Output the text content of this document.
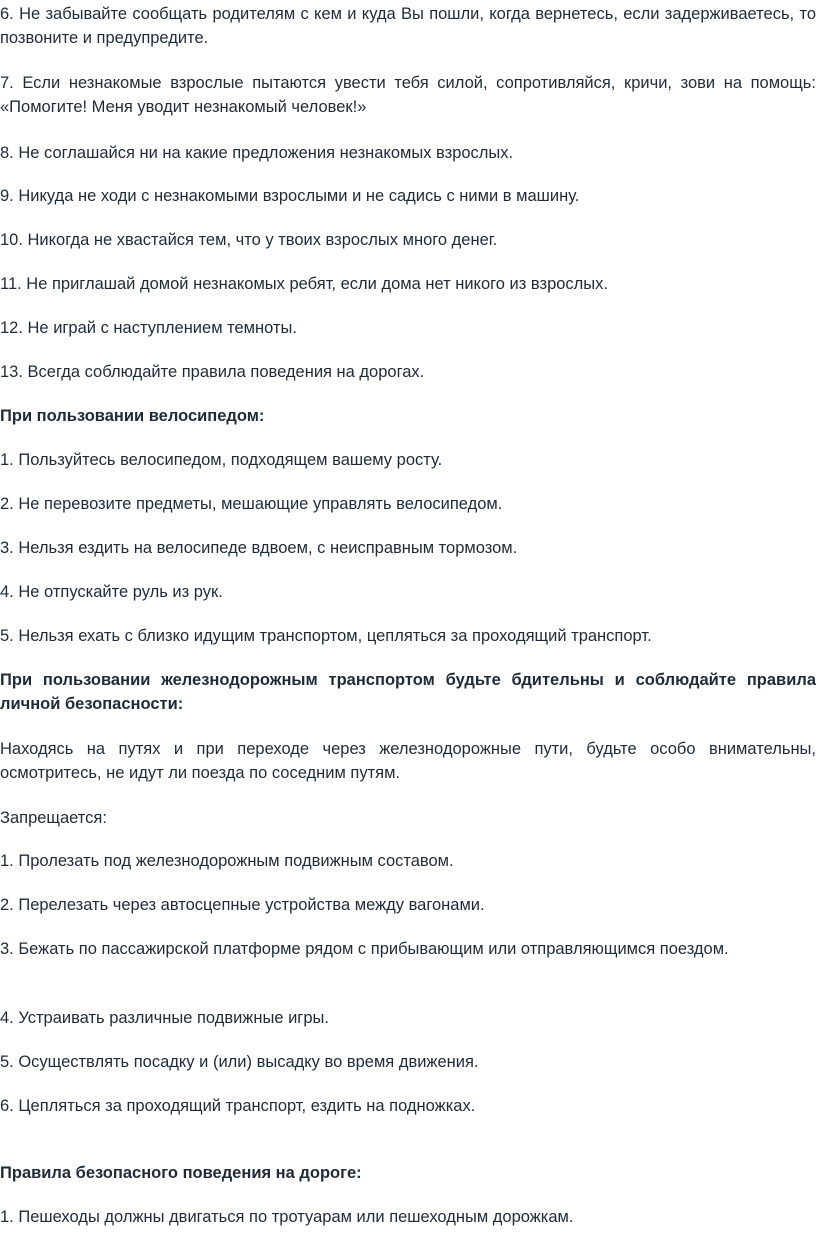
6. Не забывайте сообщать родителям с кем и куда Вы пошли, когда вернетесь, если задерживаетесь, то позвоните и предупредите.

7. Если незнакомые взрослые пытаются увести тебя силой, сопротивляйся, кричи, зови на помощь: «Помогите! Меня уводит незнакомый человек!»

8. Не соглашайся ни на какие предложения незнакомых взрослых.

9. Никуда не ходи с незнакомыми взрослыми и не садись с ними в машину.

10. Никогда не хвастайся тем, что у твоих взрослых много денег.

11. Не приглашай домой незнакомых ребят, если дома нет никого из взрослых.

12. Не играй с наступлением темноты.

13. Всегда соблюдайте правила поведения на дорогах.

При пользовании велосипедом:

1. Пользуйтесь велосипедом, подходящем вашему росту.

2. Не перевозите предметы, мешающие управлять велосипедом.

3. Нельзя ездить на велосипеде вдвоем, с неисправным тормозом.

4. Не отпускайте руль из рук.

5. Нельзя ехать с близко идущим транспортом, цепляться за проходящий транспорт.

При пользовании железнодорожным транспортом будьте бдительны и соблюдайте правила личной безопасности:

Находясь на путях и при переходе через железнодорожные пути, будьте особо внимательны, осмотритесь, не идут ли поезда по соседним путям.

Запрещается:

1. Пролезать под железнодорожным подвижным составом.

2. Перелезать через автосцепные устройства между вагонами.

3. Бежать по пассажирской платформе рядом с прибывающим или отправляющимся поездом.

4. Устраивать различные подвижные игры.

5. Осуществлять посадку и (или) высадку во время движения.

6. Цепляться за проходящий транспорт, ездить на подножках.

Правила безопасного поведения на дороге:

1. Пешеходы должны двигаться по тротуарам или пешеходным дорожкам.
